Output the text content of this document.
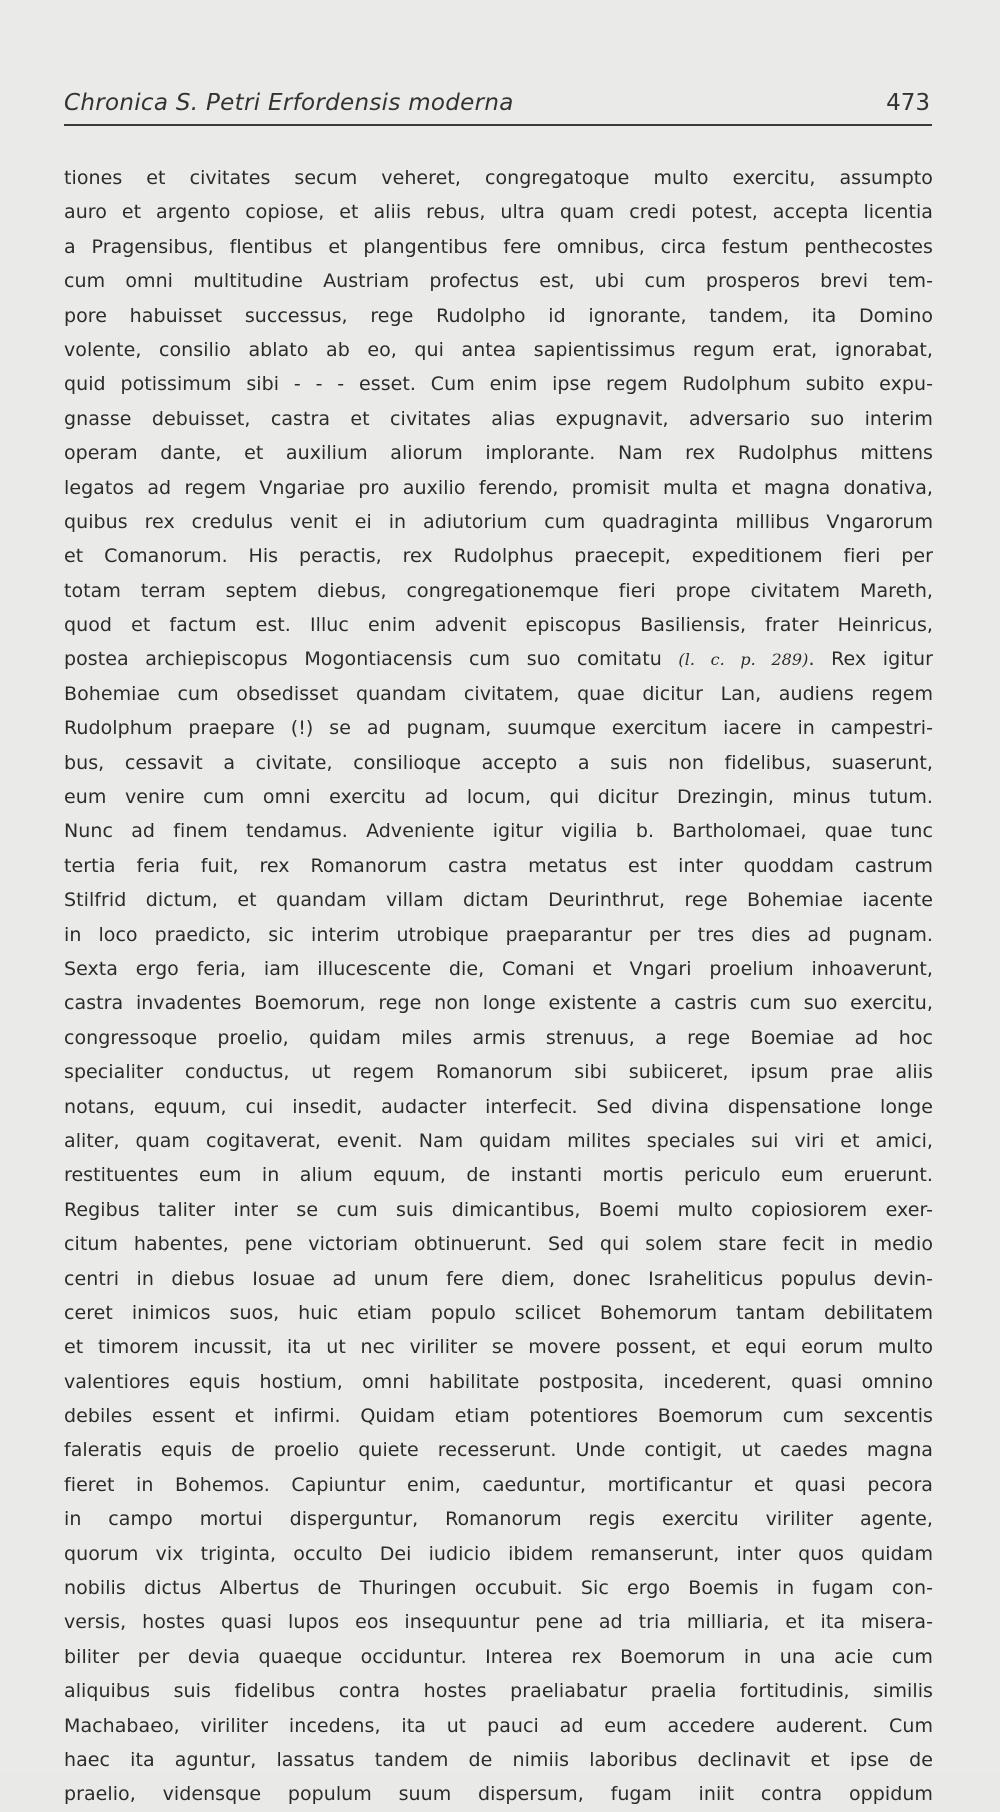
Chronica S. Petri Erfordensis moderna	473
tiones et civitates secum veheret, congregatoque multo exercitu, assumpto
auro et argento copiose, et aliis rebus, ultra quam credi potest, accepta licentia
a Pragensibus, flentibus et plangentibus fere omnibus, circa festum penthecostes
cum omni multitudine Austriam profectus est, ubi cum prosperos brevi tem-
pore habuisset successus, rege Rudolpho id ignorante, tandem, ita Domino
volente, consilio ablato ab eo, qui antea sapientissimus regum erat, ignorabat,
quid potissimum sibi - - - esset. Cum enim ipse regem Rudolphum subito expu-
gnasse debuisset, castra et civitates alias expugnavit, adversario suo interim
operam dante, et auxilium aliorum implorante. Nam rex Rudolphus mittens
legatos ad regem Vngariae pro auxilio ferendo, promisit multa et magna donativa,
quibus rex credulus venit ei in adiutorium cum quadraginta millibus Vngarorum
et Comanorum. His peractis, rex Rudolphus praecepit, expeditionem fieri per
totam terram septem diebus, congregationemque fieri prope civitatem Mareth,
quod et factum est. Illuc enim advenit episcopus Basiliensis, frater Heinricus,
postea archiepiscopus Mogontiacensis cum suo comitatu (l. c. p. 289). Rex igitur
Bohemiae cum obsedisset quandam civitatem, quae dicitur Lan, audiens regem
Rudolphum praepare (!) se ad pugnam, suumque exercitum iacere in campestri-
bus, cessavit a civitate, consilioque accepto a suis non fidelibus, suaserunt,
eum venire cum omni exercitu ad locum, qui dicitur Drezingin, minus tutum.
Nunc ad finem tendamus. Adveniente igitur vigilia b. Bartholomaei, quae tunc
tertia feria fuit, rex Romanorum castra metatus est inter quoddam castrum
Stilfrid dictum, et quandam villam dictam Deurinthrut, rege Bohemiae iacente
in loco praedicto, sic interim utrobique praeparantur per tres dies ad pugnam.
Sexta ergo feria, iam illucescente die, Comani et Vngari proelium inhoaverunt,
castra invadentes Boemorum, rege non longe existente a castris cum suo exercitu,
congressoque proelio, quidam miles armis strenuus, a rege Boemiae ad hoc
specialiter conductus, ut regem Romanorum sibi subiiceret, ipsum prae aliis
notans, equum, cui insedit, audacter interfecit. Sed divina dispensatione longe
aliter, quam cogitaverat, evenit. Nam quidam milites speciales sui viri et amici,
restituentes eum in alium equum, de instanti mortis periculo eum eruerunt.
Regibus taliter inter se cum suis dimicantibus, Boemi multo copiosiorem exer-
citum habentes, pene victoriam obtinuerunt. Sed qui solem stare fecit in medio
centri in diebus Iosuae ad unum fere diem, donec Israheliticus populus devin-
ceret inimicos suos, huic etiam populo scilicet Bohemorum tantam debilitatem
et timorem incussit, ita ut nec viriliter se movere possent, et equi eorum multo
valentiores equis hostium, omni habilitate postposita, incederent, quasi omnino
debiles essent et infirmi. Quidam etiam potentiores Boemorum cum sexcentis
faleratis equis de proelio quiete recesserunt. Unde contigit, ut caedes magna
fieret in Bohemos. Capiuntur enim, caeduntur, mortificantur et quasi pecora
in campo mortui disperguntur, Romanorum regis exercitu viriliter agente,
quorum vix triginta, occulto Dei iudicio ibidem remanserunt, inter quos quidam
nobilis dictus Albertus de Thuringen occubuit. Sic ergo Boemis in fugam con-
versis, hostes quasi lupos eos insequuntur pene ad tria milliaria, et ita misera-
biliter per devia quaeque occiduntur. Interea rex Boemorum in una acie cum
aliquibus suis fidelibus contra hostes praeliabatur praelia fortitudinis, similis
Machabaeo, viriliter incedens, ita ut pauci ad eum accedere auderent. Cum
haec ita aguntur, lassatus tandem de nimiis laboribus declinavit et ipse de
praelio, vidensque populum suum dispersum, fugam iniit contra oppidum
